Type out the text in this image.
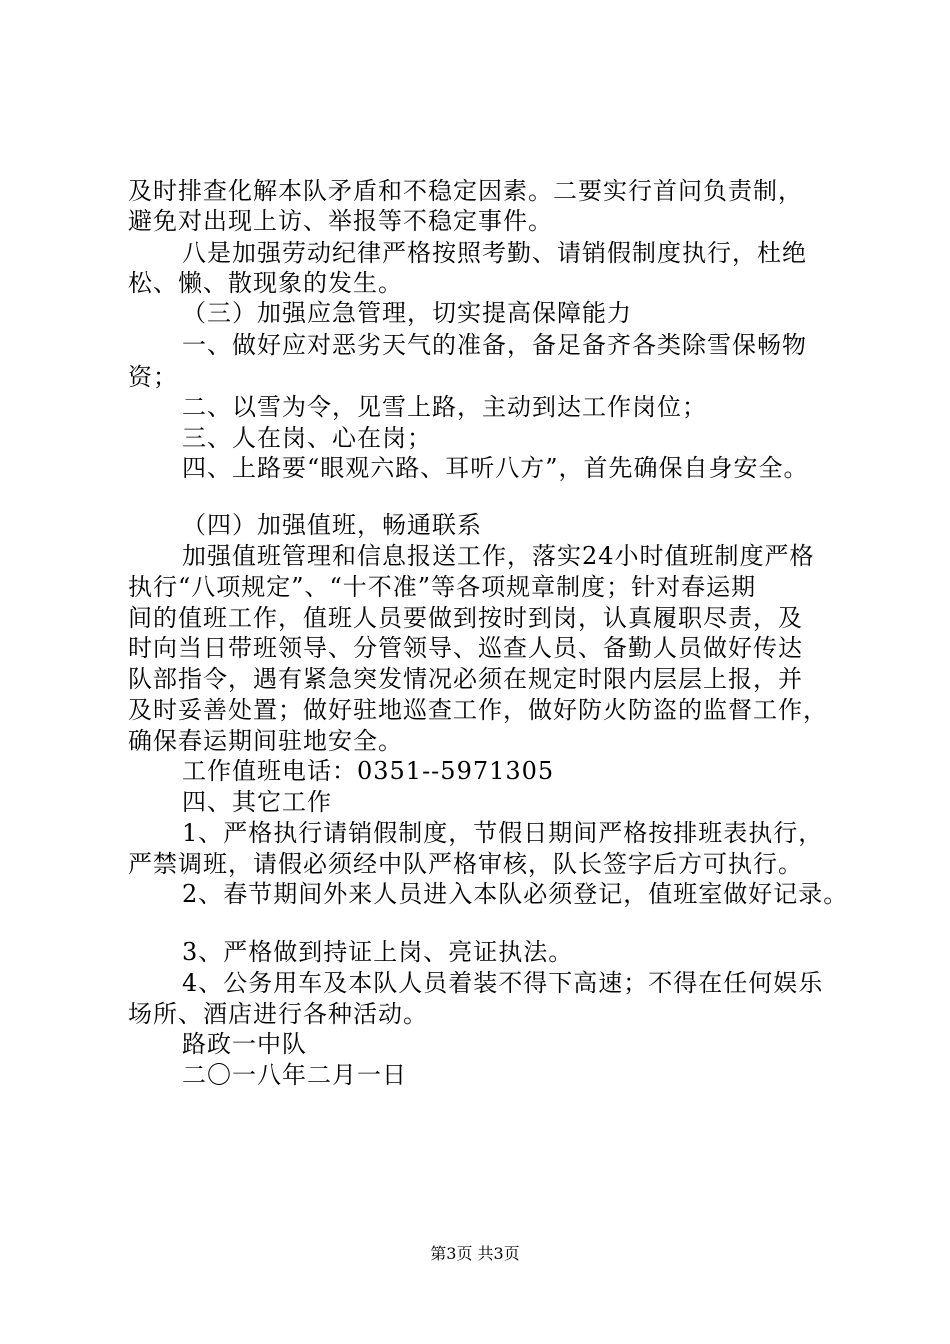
及时排查化解本队矛盾和不稳定因素。二要实行首问负责制，
避免对出现上访、举报等不稳定事件。
八是加强劳动纪律严格按照考勤、请销假制度执行，杜绝
松、懒、散现象的发生。
（三）加强应急管理，切实提高保障能力
一、做好应对恶劣天气的准备，备足备齐各类除雪保畅物
资；
二、以雪为令，见雪上路，主动到达工作岗位；
三、人在岗、心在岗；
四、上路要“眼观六路、耳听八方”，首先确保自身安全。
（四）加强值班，畅通联系
加强值班管理和信息报送工作，落实24小时值班制度严格
执行“八项规定”、“十不准”等各项规章制度；针对春运期
间的值班工作，值班人员要做到按时到岗，认真履职尽责，及
时向当日带班领导、分管领导、巡查人员、备勤人员做好传达
队部指令，遇有紧急突发情况必须在规定时限内层层上报，并
及时妥善处置；做好驻地巡查工作，做好防火防盗的监督工作，
确保春运期间驻地安全。
工作值班电话：0351--5971305
四、其它工作
1、严格执行请销假制度，节假日期间严格按排班表执行，
严禁调班，请假必须经中队严格审核，队长签字后方可执行。
2、春节期间外来人员进入本队必须登记，值班室做好记录。
3、严格做到持证上岗、亮证执法。
4、公务用车及本队人员着装不得下高速；不得在任何娱乐
场所、酒店进行各种活动。
路政一中队
二〇一八年二月一日
第3页 共3页
